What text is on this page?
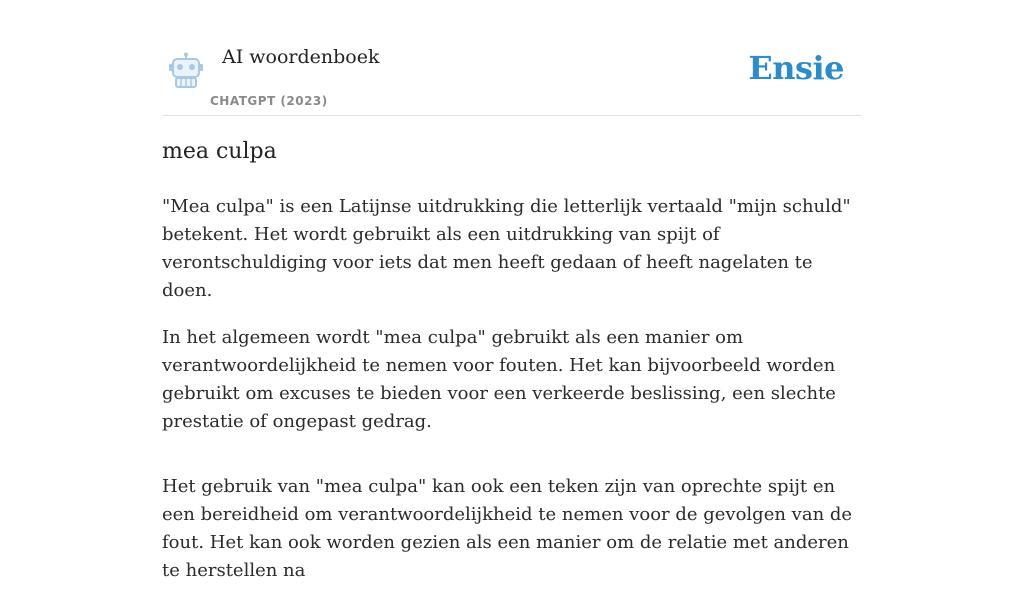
AI woordenboek
CHATGPT (2023)
Ensie
mea culpa

"Mea culpa" is een Latijnse uitdrukking die letterlijk vertaald "mijn schuld" betekent. Het wordt gebruikt als een uitdrukking van spijt of verontschuldiging voor iets dat men heeft gedaan of heeft nagelaten te doen.

In het algemeen wordt "mea culpa" gebruikt als een manier om verantwoordelijkheid te nemen voor fouten. Het kan bijvoorbeeld worden gebruikt om excuses te bieden voor een verkeerde beslissing, een slechte prestatie of ongepast gedrag.

Het gebruik van "mea culpa" kan ook een teken zijn van oprechte spijt en een bereidheid om verantwoordelijkheid te nemen voor de gevolgen van de fout. Het kan ook worden gezien als een manier om de relatie met anderen te herstellen na
